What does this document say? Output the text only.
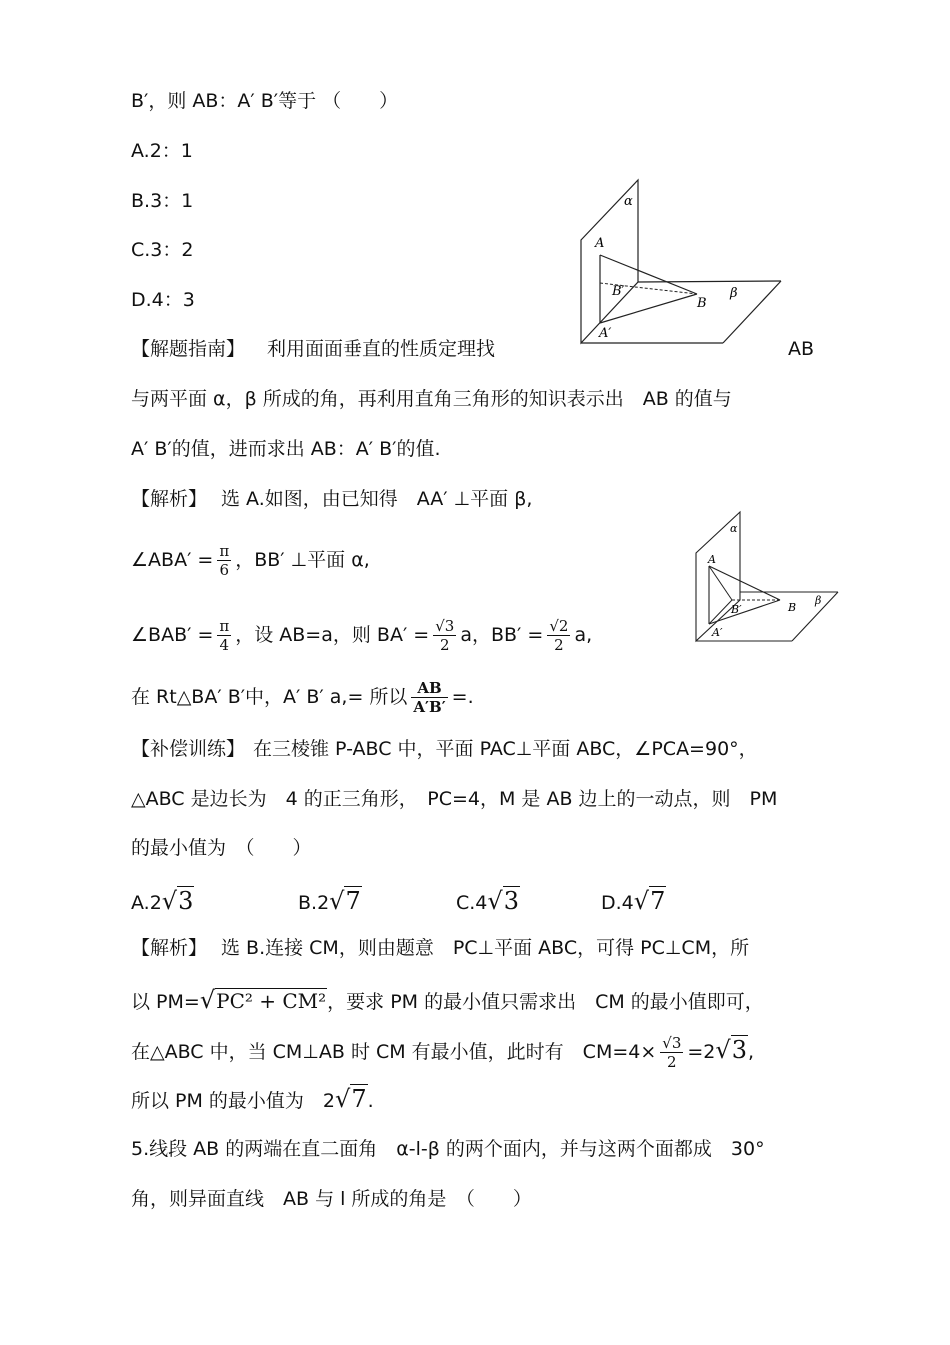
B′，则 AB：A′ B′等于 （　　）
A.2：1
B.3：1
C.3：2
D.4：3
α
A
B′
B
β
A′
【解题指南】 利用面面垂直的性质定理找	AB
与两平面 α，β 所成的角，再利用直角三角形的知识表示出　AB 的值与
A′ B′的值，进而求出 AB：A′ B′的值.
【解析】 选 A.如图，由已知得　AA′ ⊥平面 β,
α
A
B′	B
β
A′
∠ABA′ = $\frac{\pi}{6}$ ，BB′ ⊥平面 α,
∠BAB′ = $\frac{\pi}{4}$ ，设 AB=a，则 $BA' = \frac{√3}{2}$ a，$BB' = \frac{√2}{2} a$,
在 Rt△BA′ B′中，A′ B′ a,= 所以 $\frac{AB}{A'B'}$ =.
【补偿训练】 在三棱锥 P-ABC 中，平面 PAC⊥平面 ABC，∠PCA=90°，
△ABC 是边长为　4 的正三角形，　PC=4，M 是 AB 边上的一动点，则　PM
的最小值为　（　　）
A.2√3	B.2√7	C.4√3	D.4√7
【解析】 选 B.连接 CM，则由题意　PC⊥平面 ABC，可得 PC⊥CM，所
以 PM=√PC² + CM²，要求 PM 的最小值只需求出　CM 的最小值即可，
在△ABC 中，当 CM⊥AB 时 CM 有最小值，此时有　$CM=4\times \frac{√3}{2} =2√3$,
所以 PM 的最小值为　2√7.
5.线段 AB 的两端在直二面角　α-l-β 的两个面内，并与这两个面都成　30°
角，则异面直线　AB 与 l 所成的角是　（　　）
